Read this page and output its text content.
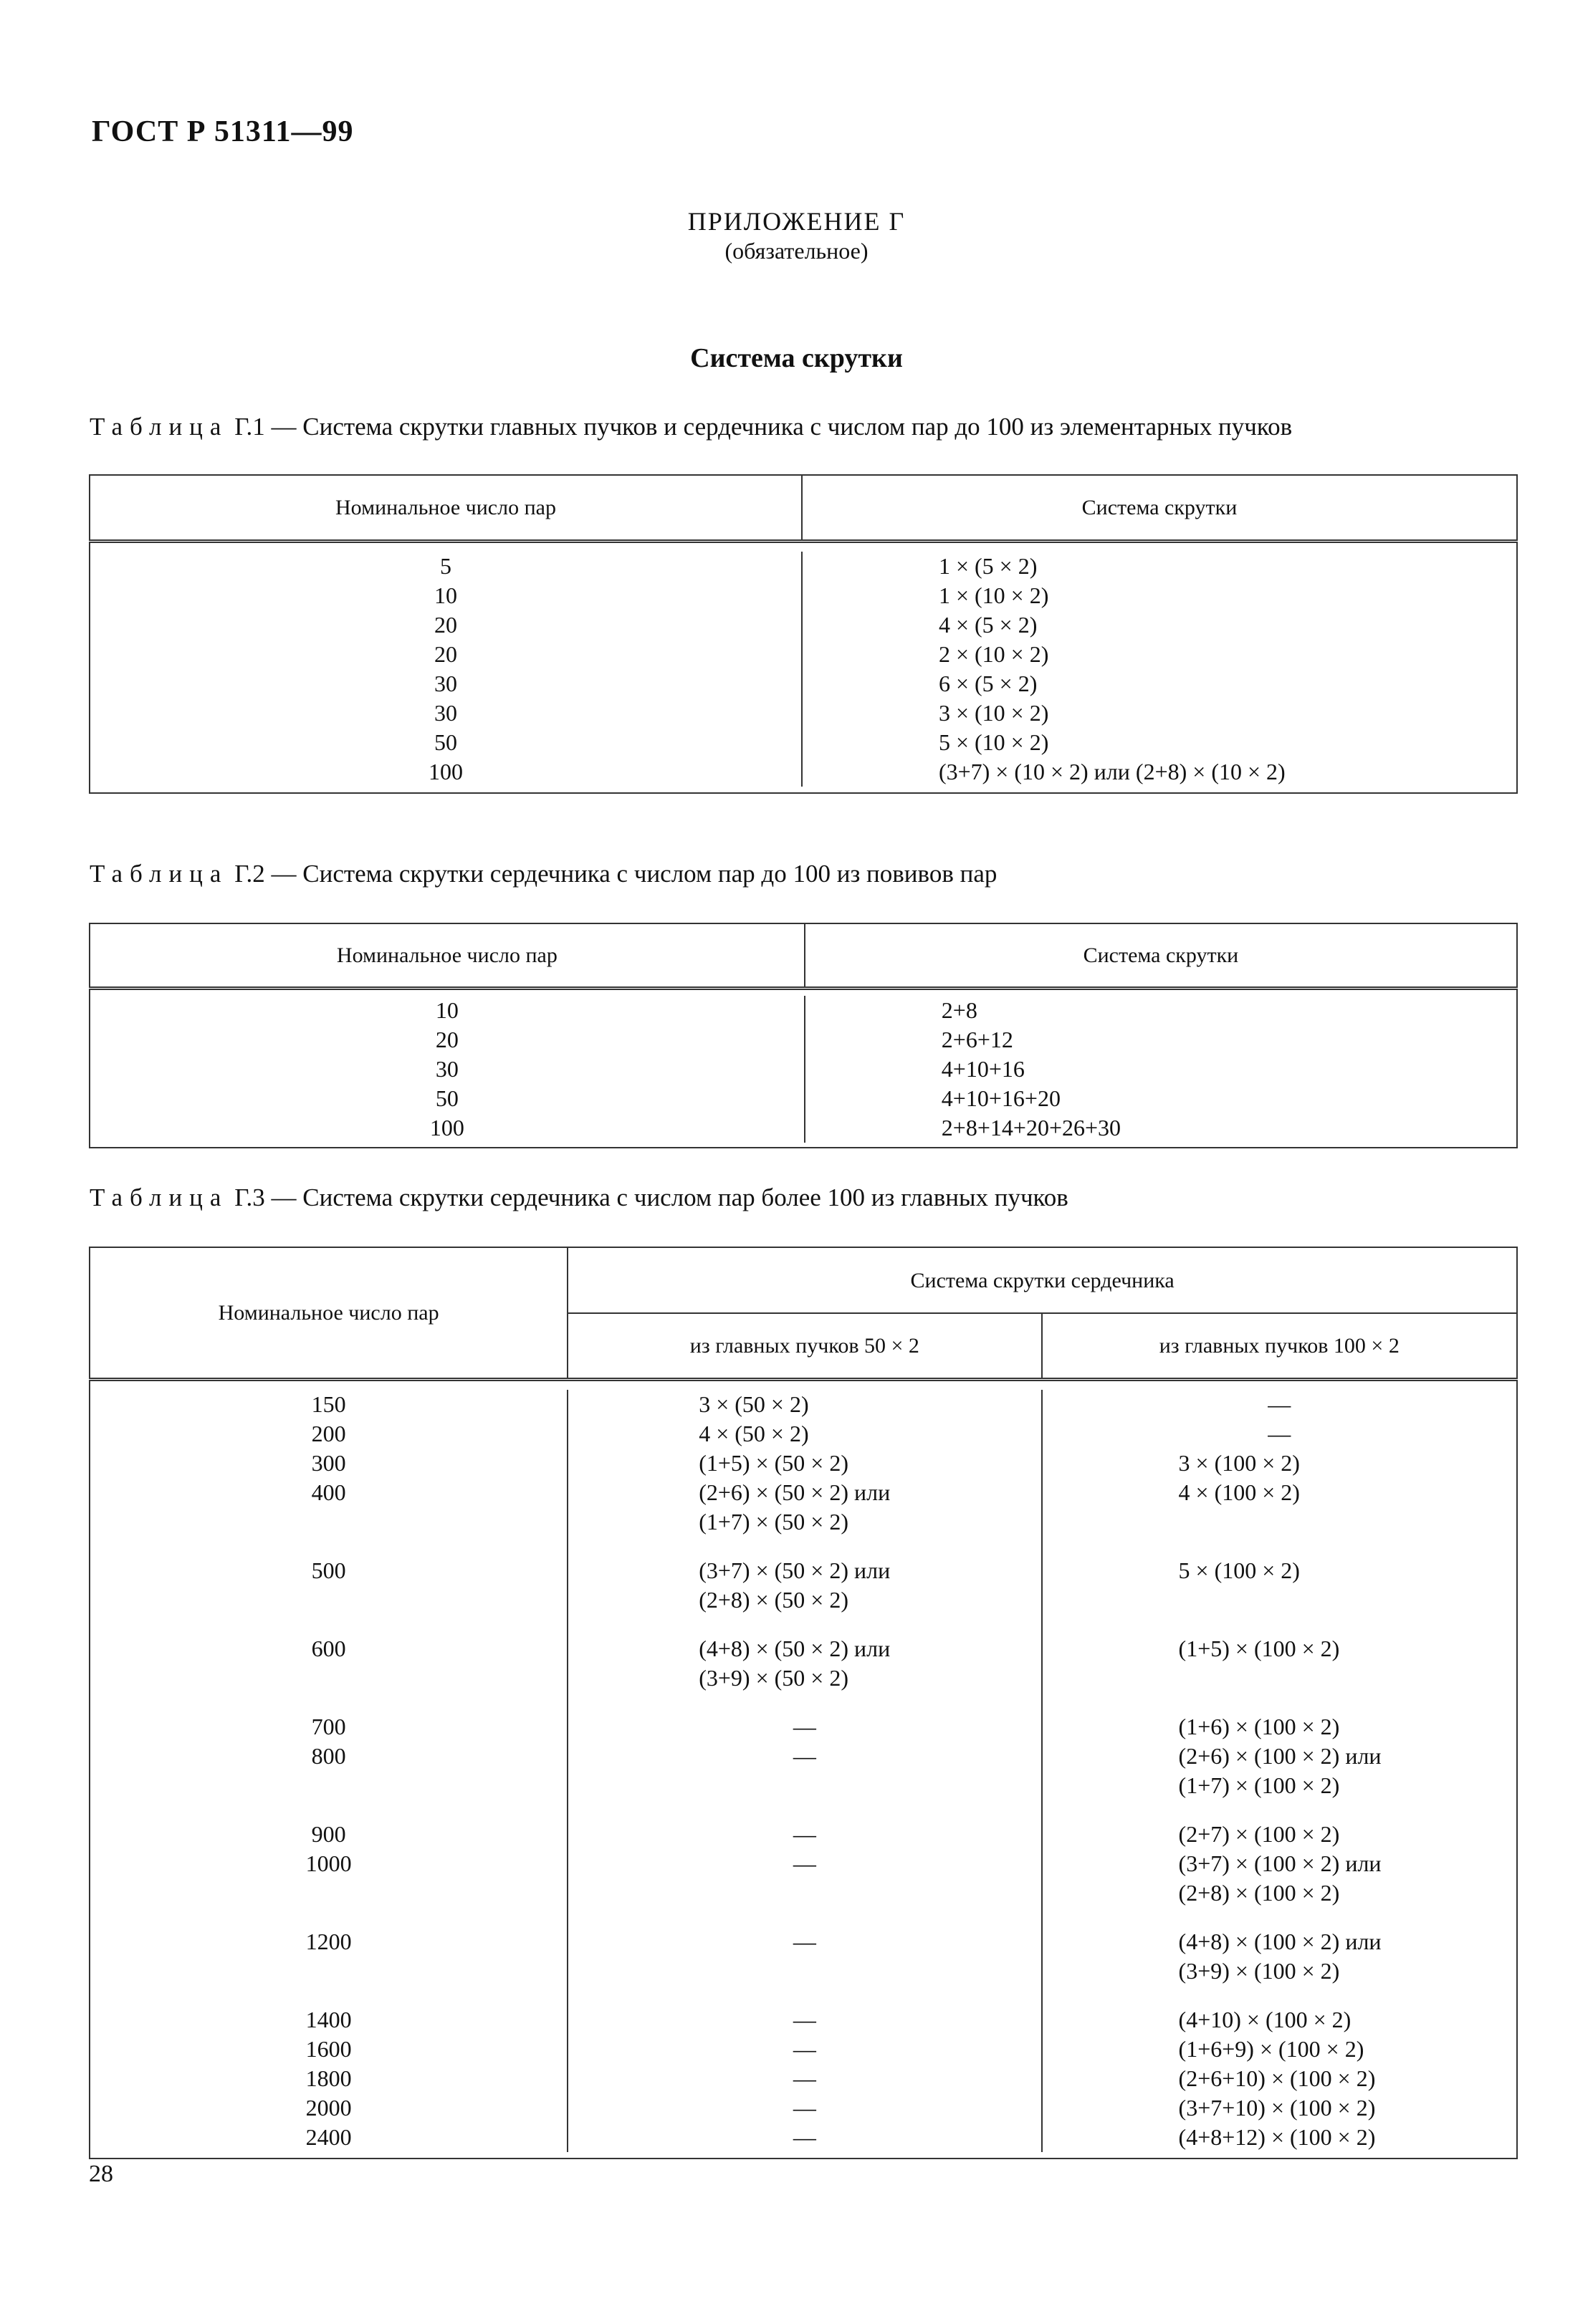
ГОСТ Р 51311—99
ПРИЛОЖЕНИЕ Г
(обязательное)
Система скрутки
Таблица Г.1 — Система скрутки главных пучков и сердечника с числом пар до 100 из элементарных пучков
Номинальное число пар	Система скрутки

5	1 × (5 × 2)
10	1 × (10 × 2)
20	4 × (5 × 2)
20	2 × (10 × 2)
30	6 × (5 × 2)
30	3 × (10 × 2)
50	5 × (10 × 2)
100	(3+7) × (10 × 2) или (2+8) × (10 × 2)

Таблица Г.2 — Система скрутки сердечника с числом пар до 100 из повивов пар
Номинальное число пар	Система скрутки

10	2+8
20	2+6+12
30	4+10+16
50	4+10+16+20
100	2+8+14+20+26+30

Таблица Г.3 — Система скрутки сердечника с числом пар более 100 из главных пучков
Номинальное число пар	Система скрутки сердечника	
	из главных пучков 50 × 2	из главных пучков 100 × 2

150	3 × (50 × 2)	—
200	4 × (50 × 2)	—
300	(1+5) × (50 × 2)	3 × (100 × 2)
400	(2+6) × (50 × 2) или	4 × (100 × 2)
	(1+7) × (50 × 2)	
500	(3+7) × (50 × 2) или	5 × (100 × 2)
	(2+8) × (50 × 2)	
600	(4+8) × (50 × 2) или	(1+5) × (100 × 2)
	(3+9) × (50 × 2)	
700	—	(1+6) × (100 × 2)
800	—	(2+6) × (100 × 2) или
		(1+7) × (100 × 2)
900	—	(2+7) × (100 × 2)
1000	—	(3+7) × (100 × 2) или
		(2+8) × (100 × 2)
1200	—	(4+8) × (100 × 2) или
		(3+9) × (100 × 2)
1400	—	(4+10) × (100 × 2)
1600	—	(1+6+9) × (100 × 2)
1800	—	(2+6+10) × (100 × 2)
2000	—	(3+7+10) × (100 × 2)
2400	—	(4+8+12) × (100 × 2)

28
